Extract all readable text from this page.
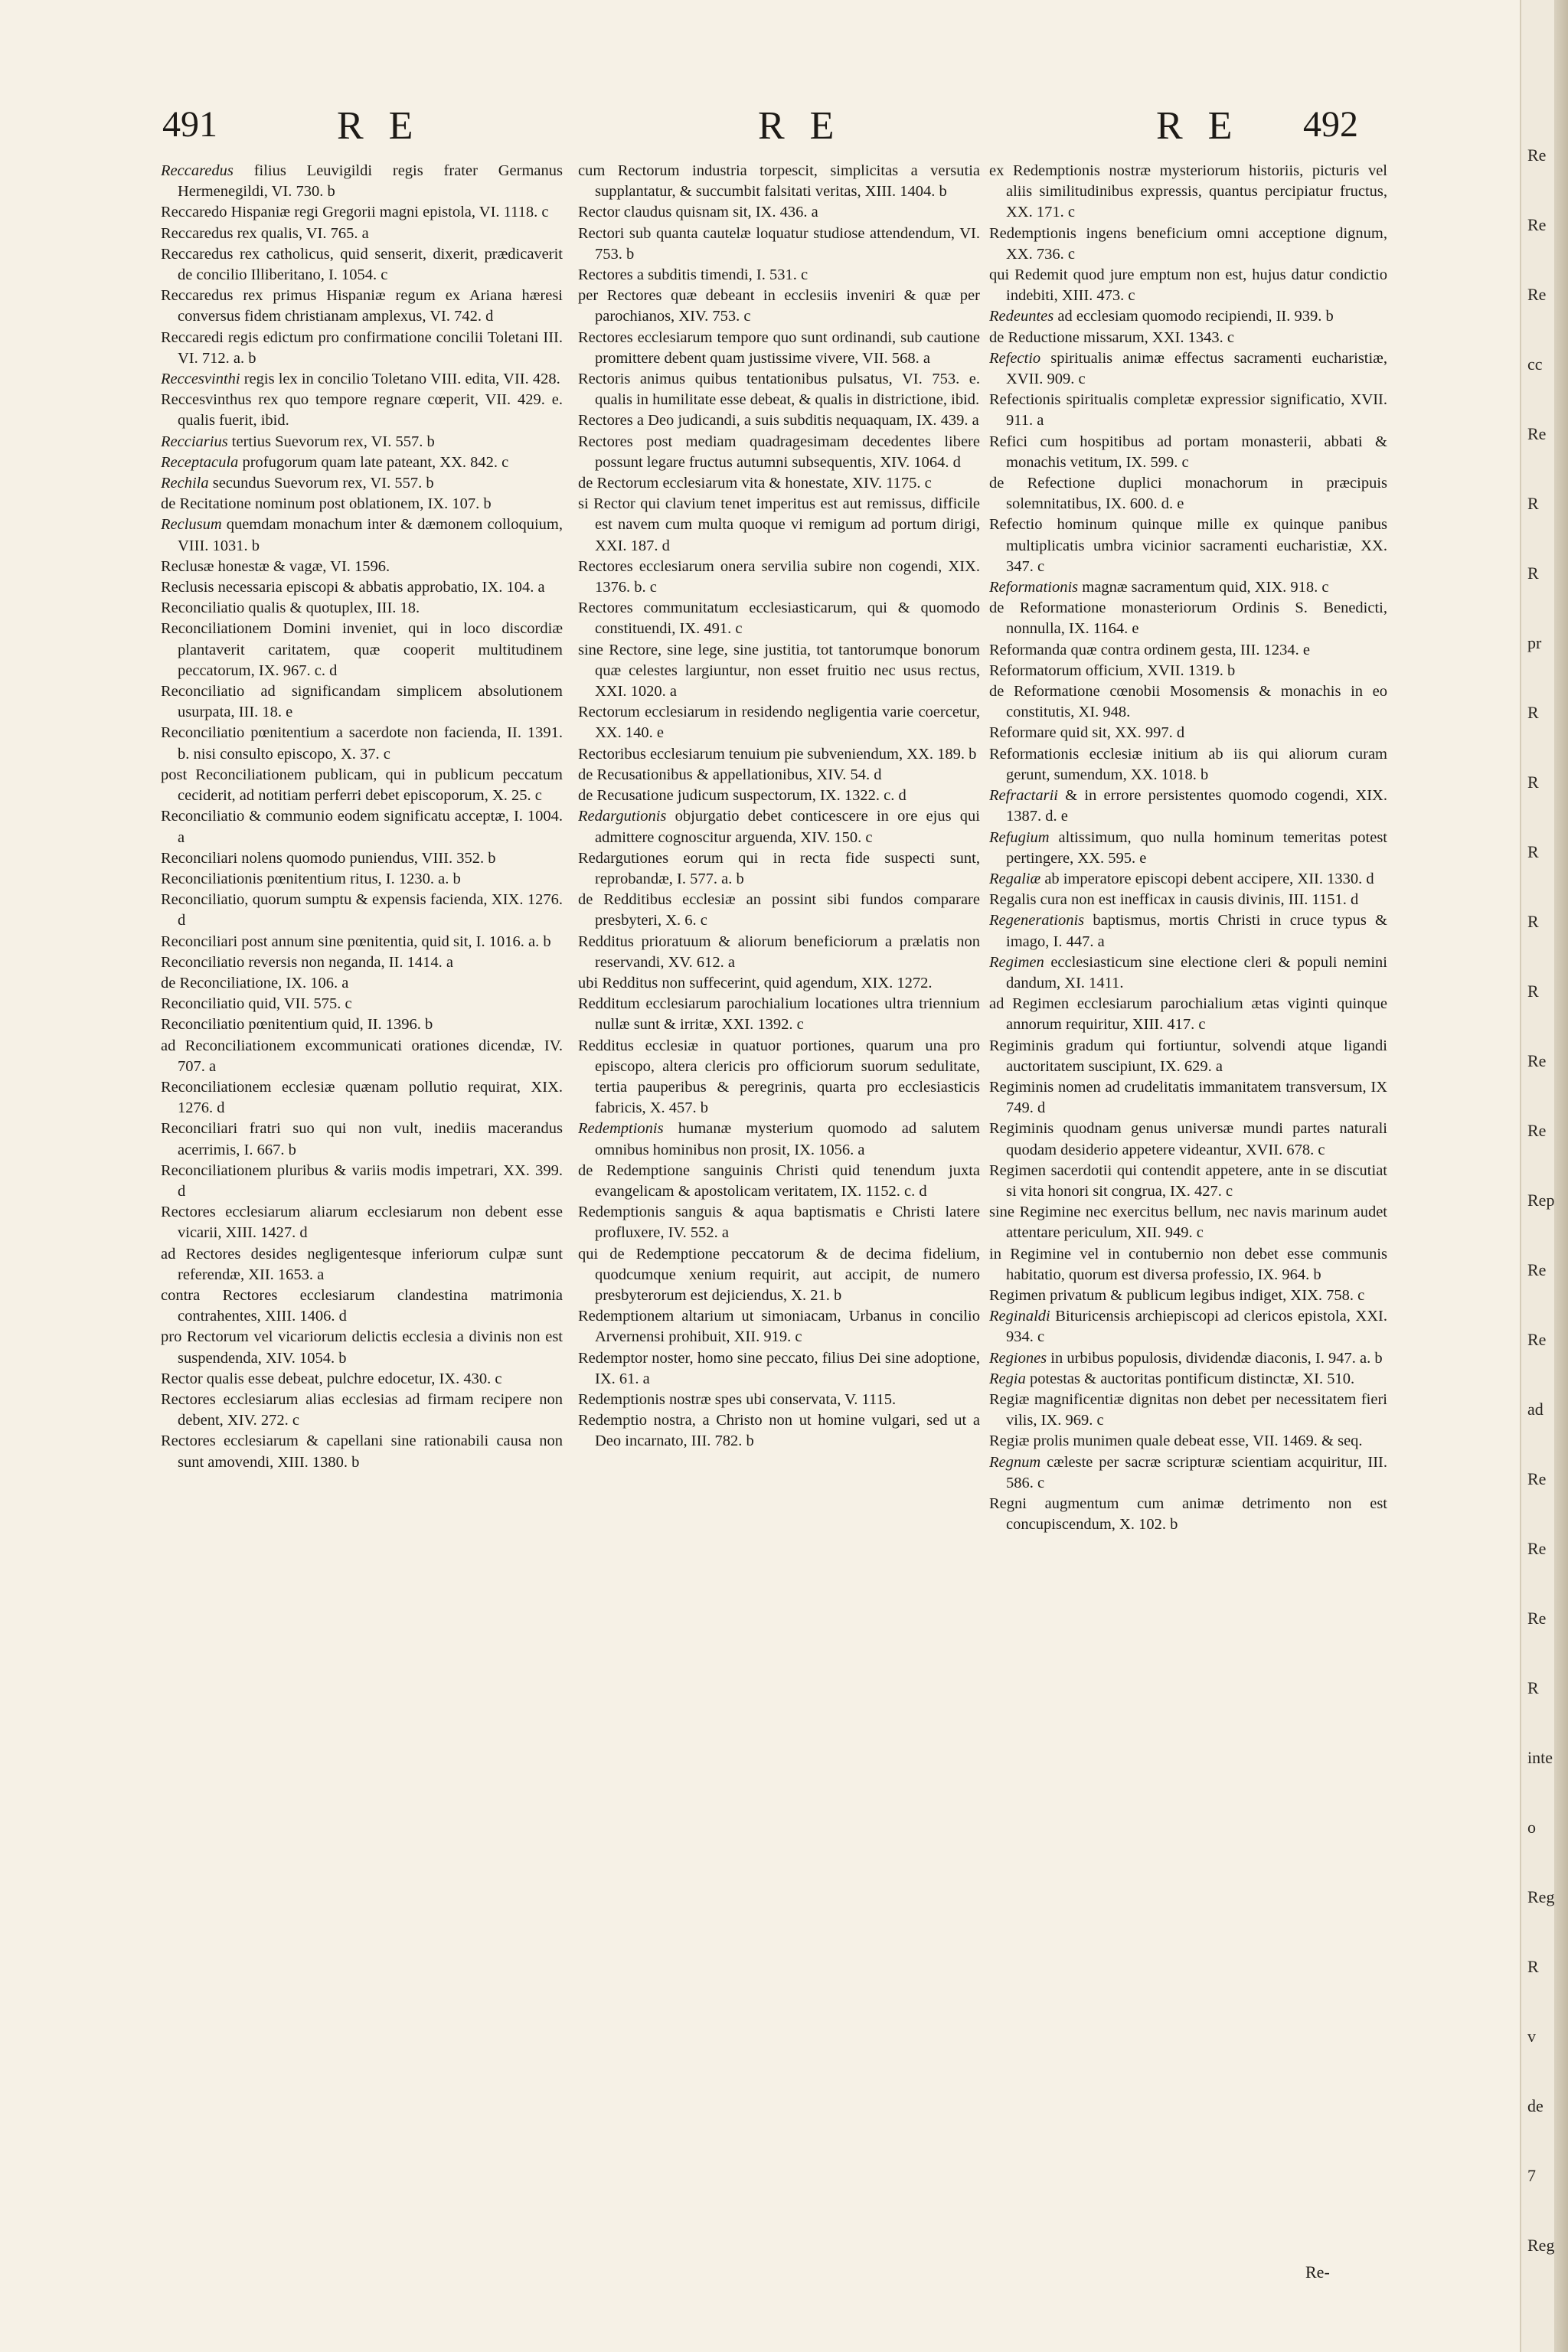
491	R E	R E	R E 492

Reccaredus filius Leuvigildi regis frater Germanus Hermenegildi, VI. 730. b

Reccaredo Hispaniæ regi Gregorii magni epistola, VI. 1118. c

Reccaredus rex qualis, VI. 765. a

Reccaredus rex catholicus, quid senserit, dixerit, prædicaverit de concilio Illiberitano, I. 1054. c

Reccaredus rex primus Hispaniæ regum ex Ariana hæresi conversus fidem christianam amplexus, VI. 742. d

Reccaredi regis edictum pro confirmatione concilii Toletani III. VI. 712. a. b

Reccesvinthi regis lex in concilio Toletano VIII. edita, VII. 428.

Reccesvinthus rex quo tempore regnare cœperit, VII. 429. e. qualis fuerit, ibid.

Recciarius tertius Suevorum rex, VI. 557. b

Receptacula profugorum quam late pateant, XX. 842. c

Rechila secundus Suevorum rex, VI. 557. b

de Recitatione nominum post oblationem, IX. 107. b

Reclusum quemdam monachum inter & dæmonem colloquium, VIII. 1031. b

Reclusæ honestæ & vagæ, VI. 1596.

Reclusis necessaria episcopi & abbatis approbatio, IX. 104. a

Reconciliatio qualis & quotuplex, III. 18.

Reconciliationem Domini inveniet, qui in loco discordiæ plantaverit caritatem, quæ cooperit multitudinem peccatorum, IX. 967. c. d

Reconciliatio ad significandam simplicem absolutionem usurpata, III. 18. e

Reconciliatio pœnitentium a sacerdote non facienda, II. 1391. b. nisi consulto episcopo, X. 37. c

post Reconciliationem publicam, qui in publicum peccatum ceciderit, ad notitiam perferri debet episcoporum, X. 25. c

Reconciliatio & communio eodem significatu acceptæ, I. 1004. a

Reconciliari nolens quomodo puniendus, VIII. 352. b

Reconciliationis pœnitentium ritus, I. 1230. a. b

Reconciliatio, quorum sumptu & expensis facienda, XIX. 1276. d

Reconciliari post annum sine pœnitentia, quid sit, I. 1016. a. b

Reconciliatio reversis non neganda, II. 1414. a

de Reconciliatione, IX. 106. a

Reconciliatio quid, VII. 575. c

Reconciliatio pœnitentium quid, II. 1396. b

ad Reconciliationem excommunicati orationes dicendæ, IV. 707. a

Reconciliationem ecclesiæ quænam pollutio requirat, XIX. 1276. d

Reconciliari fratri suo qui non vult, inediis macerandus acerrimis, I. 667. b

Reconciliationem pluribus & variis modis impetrari, XX. 399. d

Rectores ecclesiarum aliarum ecclesiarum non debent esse vicarii, XIII. 1427. d

ad Rectores desides negligentesque inferiorum culpæ sunt referendæ, XII. 1653. a

contra Rectores ecclesiarum clandestina matrimonia contrahentes, XIII. 1406. d

pro Rectorum vel vicariorum delictis ecclesia a divinis non est suspendenda, XIV. 1054. b

Rector qualis esse debeat, pulchre edocetur, IX. 430. c

Rectores ecclesiarum alias ecclesias ad firmam recipere non debent, XIV. 272. c

Rectores ecclesiarum & capellani sine rationabili causa non sunt amovendi, XIII. 1380. b

cum Rectorum industria torpescit, simplicitas a versutia supplantatur, & succumbit falsitati veritas, XIII. 1404. b

Rector claudus quisnam sit, IX. 436. a

Rectori sub quanta cautelæ loquatur studiose attendendum, VI. 753. b

Rectores a subditis timendi, I. 531. c

per Rectores quæ debeant in ecclesiis inveniri & quæ per parochianos, XIV. 753. c

Rectores ecclesiarum tempore quo sunt ordinandi, sub cautione promittere debent quam justissime vivere, VII. 568. a

Rectoris animus quibus tentationibus pulsatus, VI. 753. e. qualis in humilitate esse debeat, & qualis in districtione, ibid.

Rectores a Deo judicandi, a suis subditis nequaquam, IX. 439. a

Rectores post mediam quadragesimam decedentes libere possunt legare fructus autumni subsequentis, XIV. 1064. d

de Rectorum ecclesiarum vita & honestate, XIV. 1175. c

si Rector qui clavium tenet imperitus est aut remissus, difficile est navem cum multa quoque vi remigum ad portum dirigi, XXI. 187. d

Rectores ecclesiarum onera servilia subire non cogendi, XIX. 1376. b. c

Rectores communitatum ecclesiasticarum, qui & quomodo constituendi, IX. 491. c

sine Rectore, sine lege, sine justitia, tot tantorumque bonorum quæ celestes largiuntur, non esset fruitio nec usus rectus, XXI. 1020. a

Rectorum ecclesiarum in residendo negligentia varie coercetur, XX. 140. e

Rectoribus ecclesiarum tenuium pie subveniendum, XX. 189. b

de Recusationibus & appellationibus, XIV. 54. d

de Recusatione judicum suspectorum, IX. 1322. c. d

Redargutionis objurgatio debet conticescere in ore ejus qui admittere cognoscitur arguenda, XIV. 150. c

Redargutiones eorum qui in recta fide suspecti sunt, reprobandæ, I. 577. a. b

de Redditibus ecclesiæ an possint sibi fundos comparare presbyteri, X. 6. c

Redditus prioratuum & aliorum beneficiorum a prælatis non reservandi, XV. 612. a

ubi Redditus non suffecerint, quid agendum, XIX. 1272.

Redditum ecclesiarum parochialium locationes ultra triennium nullæ sunt & irritæ, XXI. 1392. c

Redditus ecclesiæ in quatuor portiones, quarum una pro episcopo, altera clericis pro officiorum suorum sedulitate, tertia pauperibus & peregrinis, quarta pro ecclesiasticis fabricis, X. 457. b

Redemptionis humanæ mysterium quomodo ad salutem omnibus hominibus non prosit, IX. 1056. a

de Redemptione sanguinis Christi quid tenendum juxta evangelicam & apostolicam veritatem, IX. 1152. c. d

Redemptionis sanguis & aqua baptismatis e Christi latere profluxere, IV. 552. a

qui de Redemptione peccatorum & de decima fidelium, quodcumque xenium requirit, aut accipit, de numero presbyterorum est dejiciendus, X. 21. b

Redemptionem altarium ut simoniacam, Urbanus in concilio Arvernensi prohibuit, XII. 919. c

Redemptor noster, homo sine peccato, filius Dei sine adoptione, IX. 61. a

Redemptionis nostræ spes ubi conservata, V. 1115.

Redemptio nostra, a Christo non ut homine vulgari, sed ut a Deo incarnato, III. 782. b

ex Redemptionis nostræ mysteriorum historiis, picturis vel aliis similitudinibus expressis, quantus percipiatur fructus, XX. 171. c

Redemptionis ingens beneficium omni acceptione dignum, XX. 736. c

qui Redemit quod jure emptum non est, hujus datur condictio indebiti, XIII. 473. c

Redeuntes ad ecclesiam quomodo recipiendi, II. 939. b

de Reductione missarum, XXI. 1343. c

Refectio spiritualis animæ effectus sacramenti eucharistiæ, XVII. 909. c

Refectionis spiritualis completæ expressior significatio, XVII. 911. a

Refici cum hospitibus ad portam monasterii, abbati & monachis vetitum, IX. 599. c

de Refectione duplici monachorum in præcipuis solemnitatibus, IX. 600. d. e

Refectio hominum quinque mille ex quinque panibus multiplicatis umbra vicinior sacramenti eucharistiæ, XX. 347. c

Reformationis magnæ sacramentum quid, XIX. 918. c

de Reformatione monasteriorum Ordinis S. Benedicti, nonnulla, IX. 1164. e

Reformanda quæ contra ordinem gesta, III. 1234. e

Reformatorum officium, XVII. 1319. b

de Reformatione cœnobii Mosomensis & monachis in eo constitutis, XI. 948.

Reformare quid sit, XX. 997. d

Reformationis ecclesiæ initium ab iis qui aliorum curam gerunt, sumendum, XX. 1018. b

Refractarii & in errore persistentes quomodo cogendi, XIX. 1387. d. e

Refugium altissimum, quo nulla hominum temeritas potest pertingere, XX. 595. e

Regaliæ ab imperatore episcopi debent accipere, XII. 1330. d

Regalis cura non est inefficax in causis divinis, III. 1151. d

Regenerationis baptismus, mortis Christi in cruce typus & imago, I. 447. a

Regimen ecclesiasticum sine electione cleri & populi nemini dandum, XI. 1411.

ad Regimen ecclesiarum parochialium ætas viginti quinque annorum requiritur, XIII. 417. c

Regiminis gradum qui fortiuntur, solvendi atque ligandi auctoritatem suscipiunt, IX. 629. a

Regiminis nomen ad crudelitatis immanitatem transversum, IX 749. d

Regiminis quodnam genus universæ mundi partes naturali quodam desiderio appetere videantur, XVII. 678. c

Regimen sacerdotii qui contendit appetere, ante in se discutiat si vita honori sit congrua, IX. 427. c

sine Regimine nec exercitus bellum, nec navis marinum audet attentare periculum, XII. 949. c

in Regimine vel in contubernio non debet esse communis habitatio, quorum est diversa professio, IX. 964. b

Regimen privatum & publicum legibus indiget, XIX. 758. c

Reginaldi Bituricensis archiepiscopi ad clericos epistola, XXI. 934. c

Regiones in urbibus populosis, dividendæ diaconis, I. 947. a. b

Regia potestas & auctoritas pontificum distinctæ, XI. 510.

Regiæ magnificentiæ dignitas non debet per necessitatem fieri vilis, IX. 969. c

Regiæ prolis munimen quale debeat esse, VII. 1469. & seq.

Regnum cæleste per sacræ scripturæ scientiam acquiritur, III. 586. c

Regni augmentum cum animæ detrimento non est concupiscendum, X. 102. b

Re-
Re
Re
Re
cc
Re
R
R
pr
R
R
R
R
R
Re
Re
Rep
Re
Re
ad
Re
Re
Re
R
inte
o
Reg
R
v
de
7
Reg
